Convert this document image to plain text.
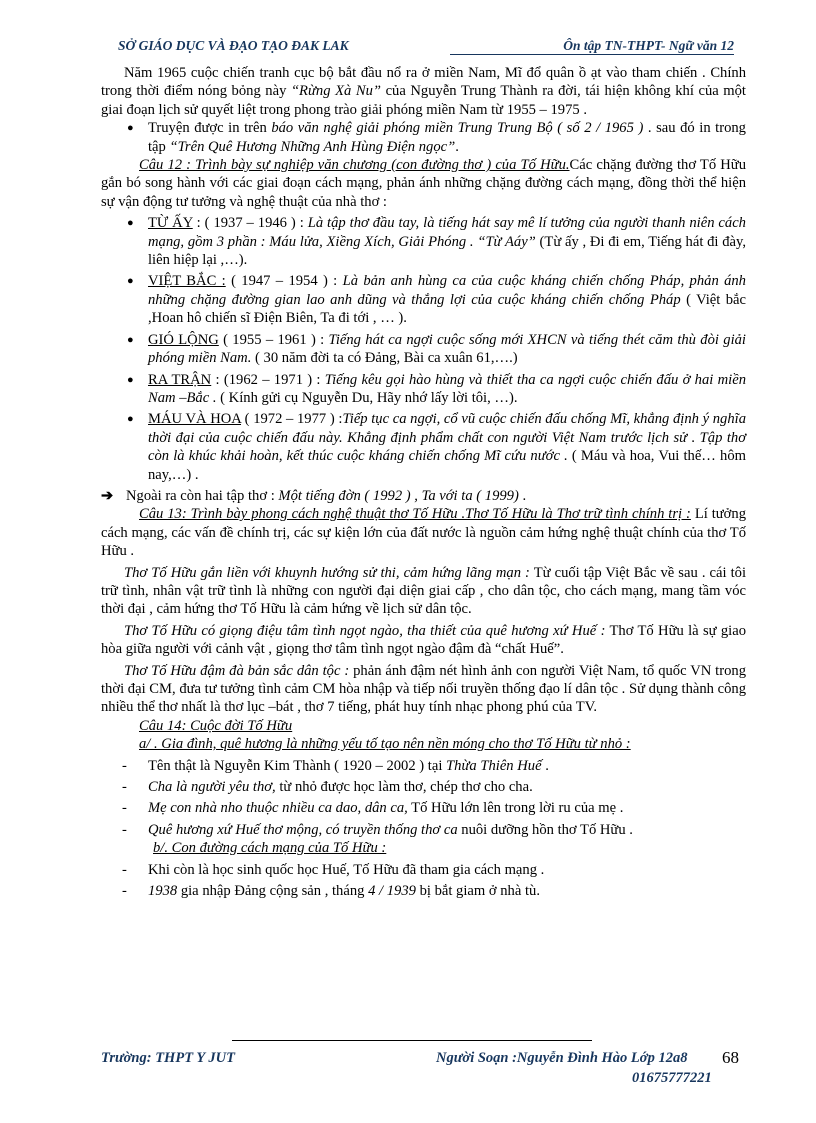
SỞ GIÁO DỤC VÀ ĐẠO TẠO ĐAK LAK	Ôn tập TN-THPT- Ngữ văn 12

Năm 1965 cuộc chiến tranh cục bộ bắt đầu nổ ra ở miền Nam, Mĩ đổ quân ồ ạt vào tham chiến . Chính trong thời điểm nóng bỏng này “Rừng Xà Nu” của Nguyễn Trung Thành ra đời, tái hiện không khí của một giai đoạn lịch sử quyết liệt trong phong trào giải phóng miền Nam từ 1955 – 1975 .

● Truyện được in trên báo văn nghệ giải phóng miền Trung Trung Bộ ( số 2 / 1965 ) . sau đó in trong tập “Trên Quê Hương Những Anh Hùng Điện ngọc”.

Câu 12 : Trình bày sự nghiệp văn chương (con đường thơ ) của Tố Hữu.Các chặng đường thơ Tố Hữu gắn bó song hành với các giai đoạn cách mạng, phản ánh những chặng đường cách mạng, đồng thời thể hiện sự vận động tư tưởng và nghệ thuật của nhà thơ :

● TỪ ẤY : ( 1937 – 1946 ) : Là tập thơ đầu tay, là tiếng hát say mê lí tưởng của người thanh niên cách mạng, gồm 3 phần : Máu lửa, Xiềng Xích, Giải Phóng . “Từ Aáy” (Từ ấy , Đi đi em, Tiếng hát đi đày, liên hiệp lại ,…).

● VIỆT BẮC : ( 1947 – 1954 ) : Là bản anh hùng ca của cuộc kháng chiến chống Pháp, phản ánh những chặng đường gian lao anh dũng và thắng lợi của cuộc kháng chiến chống Pháp ( Việt bắc ,Hoan hô chiến sĩ Điện Biên, Ta đi tới , … ).

● GIÓ LỘNG ( 1955 – 1961 ) : Tiếng hát ca ngợi cuộc sống mới XHCN và tiếng thét căm thù đòi giải phóng miền Nam. ( 30 năm đời ta có Đảng, Bài ca xuân 61,….)

● RA TRẬN : (1962 – 1971 ) : Tiếng kêu gọi hào hùng và thiết tha ca ngợi cuộc chiến đấu ở hai miền Nam –Bắc . ( Kính gửi cụ Nguyễn Du, Hãy nhớ lấy lời tôi, …).

● MÁU VÀ HOA ( 1972 – 1977 ) :Tiếp tục ca ngợi, cổ vũ cuộc chiến đấu chống Mĩ, khẳng định ý nghĩa thời đại của cuộc chiến đấu này. Khẳng định phẩm chất con người Việt Nam trước lịch sử . Tập thơ còn là khúc khải hoàn, kết thúc cuộc kháng chiến chống Mĩ cứu nước . ( Máu và hoa, Vui thế… hôm nay,…) .

➔ Ngoài ra còn hai tập thơ : Một tiếng đờn ( 1992 ) , Ta với ta ( 1999) .

Câu 13: Trình bày phong cách nghệ thuật thơ Tố Hữu .Thơ Tố Hữu là Thơ trữ tình chính trị : Lí tưởng cách mạng, các vấn đề chính trị, các sự kiện lớn của đất nước là nguồn cảm hứng nghệ thuật chính của thơ Tố Hữu .

Thơ Tố Hữu gắn liền với khuynh hướng sử thi, cảm hứng lãng mạn : Từ cuối tập Việt Bắc về sau . cái tôi trữ tình, nhân vật trữ tình là những con người đại diện giai cấp , cho dân tộc, cho cách mạng, mang tầm vóc thời đại , cảm hứng thơ Tố Hữu là cảm hứng về lịch sử dân tộc.

Thơ Tố Hữu có giọng điệu tâm tình ngọt ngào, tha thiết của quê hương xứ Huế : Thơ Tố Hữu là sự giao hòa giữa người với cảnh vật , giọng thơ tâm tình ngọt ngào đậm đà “chất Huế”.

Thơ Tố Hữu đậm đà bản sắc dân tộc : phản ánh đậm nét hình ảnh con người Việt Nam, tổ quốc VN trong thời đại CM, đưa tư tưởng tình cảm CM hòa nhập và tiếp nối truyền thống đạo lí dân tộc . Sử dụng thành công nhiều thể thơ nhất là thơ lục –bát , thơ 7 tiếng, phát huy tính nhạc phong phú của TV.

Câu 14: Cuộc đời Tố Hữu

a/ . Gia đình, quê hương là những yếu tố tạo nên nền móng cho thơ Tố Hữu từ nhỏ :

- Tên thật là Nguyễn Kim Thành ( 1920 – 2002 ) tại Thừa Thiên Huế .

- Cha là người yêu thơ, từ nhỏ được học làm thơ, chép thơ cho cha.

- Mẹ con nhà nho thuộc nhiều ca dao, dân ca, Tố Hữu lớn lên trong lời ru của mẹ .

- Quê hương xứ Huế thơ mộng, có truyền thống thơ ca nuôi dưỡng hồn thơ Tố Hữu .

b/. Con đường cách mạng của Tố Hữu :

- Khi còn là học sinh quốc học Huế, Tố Hữu đã tham gia cách mạng .

- 1938 gia nhập Đảng cộng sản , tháng 4 / 1939 bị bắt giam ở nhà tù.

Trường: THPT Y JUT	Người Soạn :Nguyễn Đình Hào Lớp 12a8
01675777221
68
